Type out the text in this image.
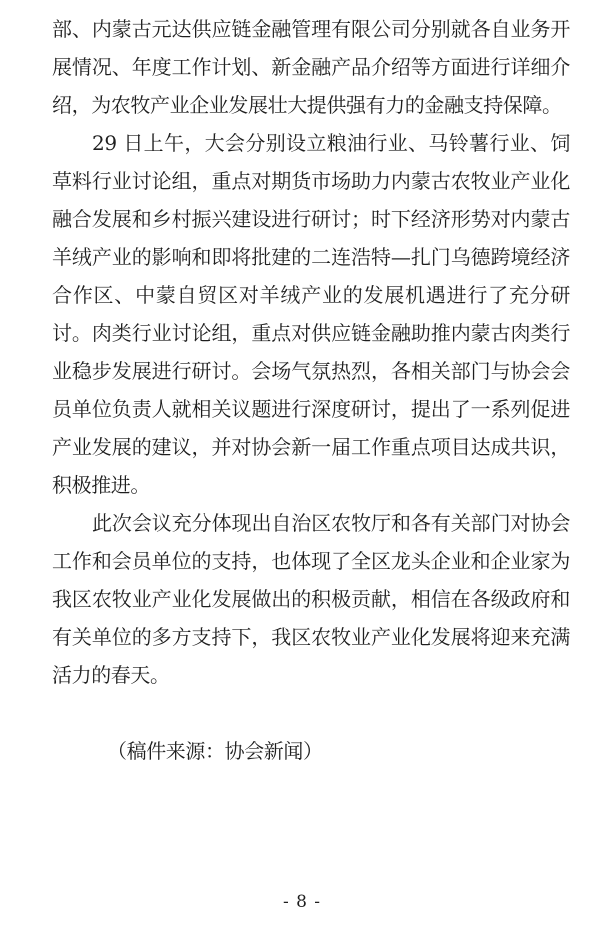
部、内蒙古元达供应链金融管理有限公司分别就各自业务开展情况、年度工作计划、新金融产品介绍等方面进行详细介绍，为农牧产业企业发展壮大提供强有力的金融支持保障。

29 日上午，大会分别设立粮油行业、马铃薯行业、饲草料行业讨论组，重点对期货市场助力内蒙古农牧业产业化融合发展和乡村振兴建设进行研讨；时下经济形势对内蒙古羊绒产业的影响和即将批建的二连浩特—扎门乌德跨境经济合作区、中蒙自贸区对羊绒产业的发展机遇进行了充分研讨。肉类行业讨论组，重点对供应链金融助推内蒙古肉类行业稳步发展进行研讨。会场气氛热烈，各相关部门与协会会员单位负责人就相关议题进行深度研讨，提出了一系列促进产业发展的建议，并对协会新一届工作重点项目达成共识，积极推进。

此次会议充分体现出自治区农牧厅和各有关部门对协会工作和会员单位的支持，也体现了全区龙头企业和企业家为我区农牧业产业化发展做出的积极贡献，相信在各级政府和有关单位的多方支持下，我区农牧业产业化发展将迎来充满活力的春天。

（稿件来源：协会新闻）

- 8 -
